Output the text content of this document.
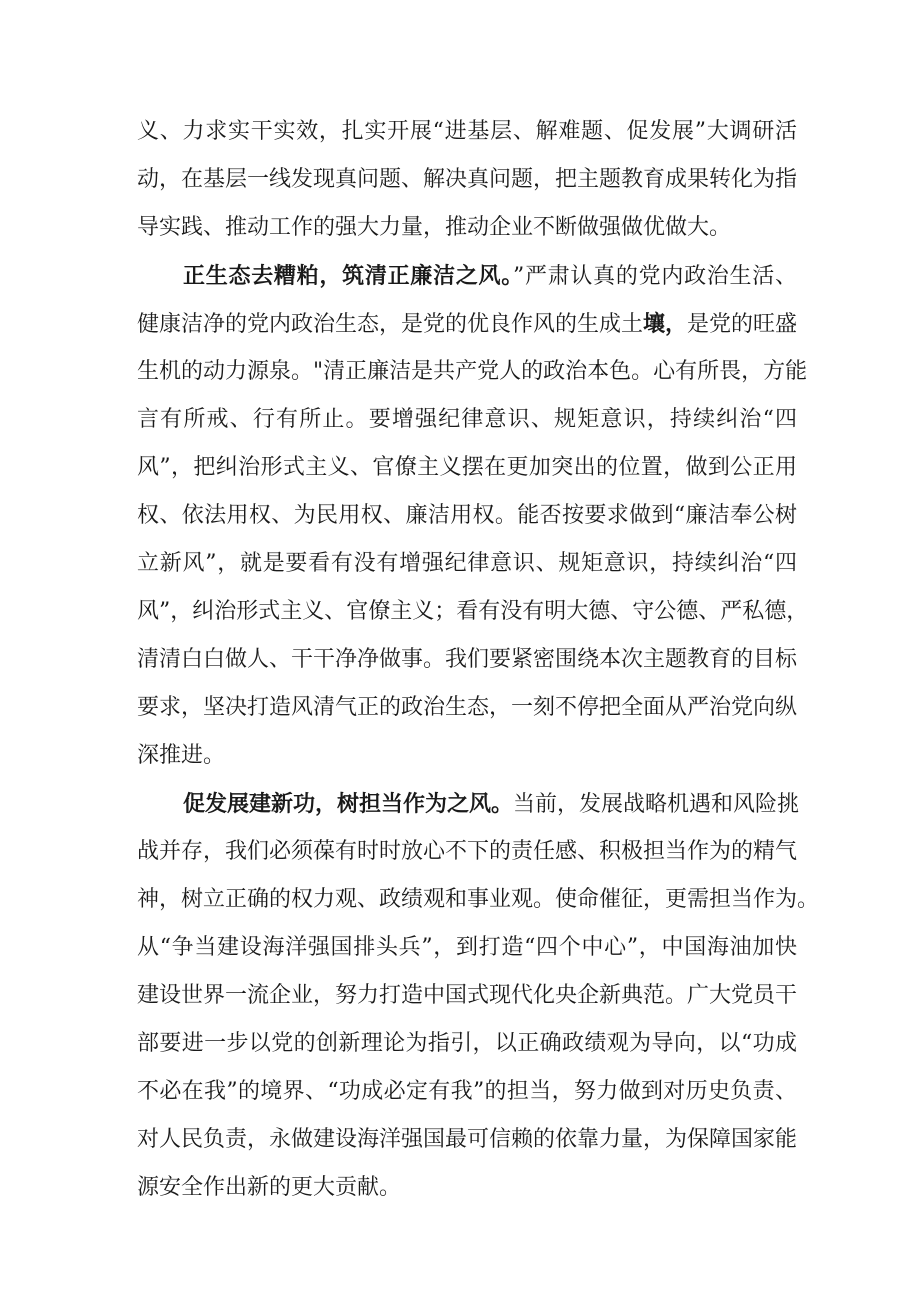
义、力求实干实效，扎实开展“进基层、解难题、促发展”大调研活
动，在基层一线发现真问题、解决真问题，把主题教育成果转化为指
导实践、推动工作的强大力量，推动企业不断做强做优做大。
正生态去糟粕，筑清正廉洁之风。”严肃认真的党内政治生活、
健康洁净的党内政治生态，是党的优良作风的生成土壤，是党的旺盛
生机的动力源泉。"清正廉洁是共产党人的政治本色。心有所畏，方能
言有所戒、行有所止。要增强纪律意识、规矩意识，持续纠治“四
风”，把纠治形式主义、官僚主义摆在更加突出的位置，做到公正用
权、依法用权、为民用权、廉洁用权。能否按要求做到“廉洁奉公树
立新风”，就是要看有没有增强纪律意识、规矩意识，持续纠治“四
风”，纠治形式主义、官僚主义；看有没有明大德、守公德、严私德，
清清白白做人、干干净净做事。我们要紧密围绕本次主题教育的目标
要求，坚决打造风清气正的政治生态，一刻不停把全面从严治党向纵
深推进。
促发展建新功，树担当作为之风。当前，发展战略机遇和风险挑
战并存，我们必须葆有时时放心不下的责任感、积极担当作为的精气
神，树立正确的权力观、政绩观和事业观。使命催征，更需担当作为。
从“争当建设海洋强国排头兵”，到打造“四个中心”，中国海油加快
建设世界一流企业，努力打造中国式现代化央企新典范。广大党员干
部要进一步以党的创新理论为指引，以正确政绩观为导向，以“功成
不必在我”的境界、“功成必定有我”的担当，努力做到对历史负责、
对人民负责，永做建设海洋强国最可信赖的依靠力量，为保障国家能
源安全作出新的更大贡献。
